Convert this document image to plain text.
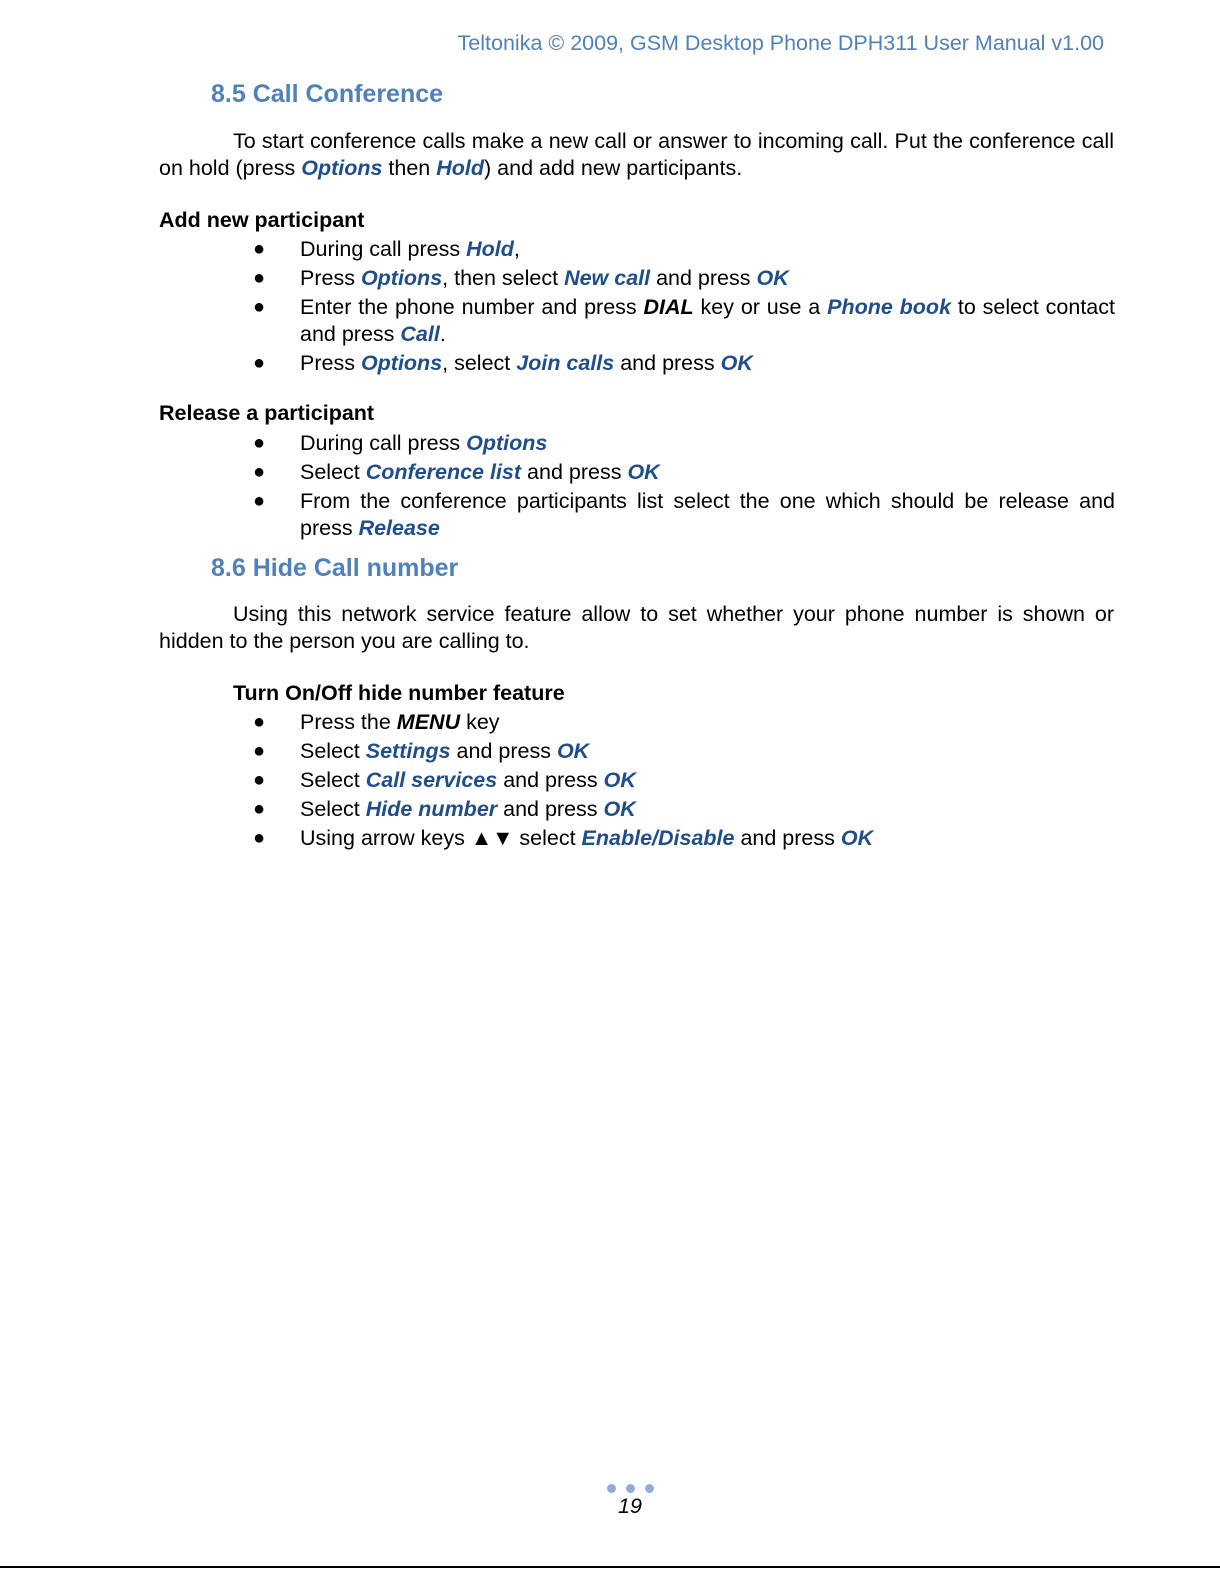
Teltonika © 2009, GSM Desktop Phone DPH311 User Manual v1.00
8.5 Call Conference
To start conference calls make a new call or answer to incoming call. Put the conference call on hold (press Options then Hold) and add new participants.
Add new participant
● During call press Hold,
● Press Options, then select New call and press OK
● Enter the phone number and press DIAL key or use a Phone book to select contact and press Call.
● Press Options, select Join calls and press OK
Release a participant
● During call press Options
● Select Conference list and press OK
● From the conference participants list select the one which should be release and press Release
8.6 Hide Call number
Using this network service feature allow to set whether your phone number is shown or hidden to the person you are calling to.
Turn On/Off hide number feature
● Press the MENU key
● Select Settings and press OK
● Select Call services and press OK
● Select Hide number and press OK
● Using arrow keys ▲▼ select Enable/Disable and press OK
19
